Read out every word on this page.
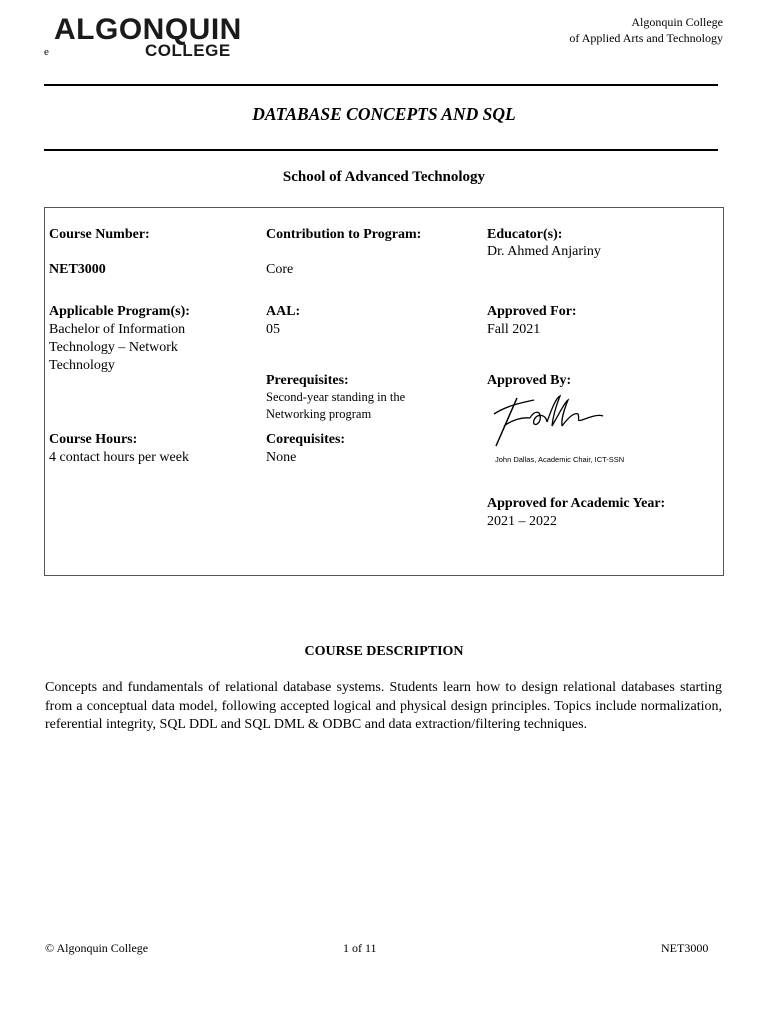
ALGONQUIN
COLLEGE
e
Algonquin College
of Applied Arts and Technology
DATABASE CONCEPTS AND SQL
School of Advanced Technology
Course Number:
NET3000
Applicable Program(s):
Bachelor of Information
Technology – Network
Technology
Course Hours:
4 contact hours per week
Contribution to Program:
Core
AAL:
05
Prerequisites:
Second-year standing in the
Networking program
Corequisites:
None
Educator(s):
Dr. Ahmed Anjariny
Approved For:
Fall 2021
Approved By:
John Dallas, Academic Chair, ICT-SSN
Approved for Academic Year:
2021 – 2022
COURSE DESCRIPTION
Concepts and fundamentals of relational database systems. Students learn how to design relational databases starting from a conceptual data model, following accepted logical and physical design principles. Topics include normalization, referential integrity, SQL DDL and SQL DML & ODBC and data extraction/filtering techniques.
© Algonquin College	1 of 11	NET3000
